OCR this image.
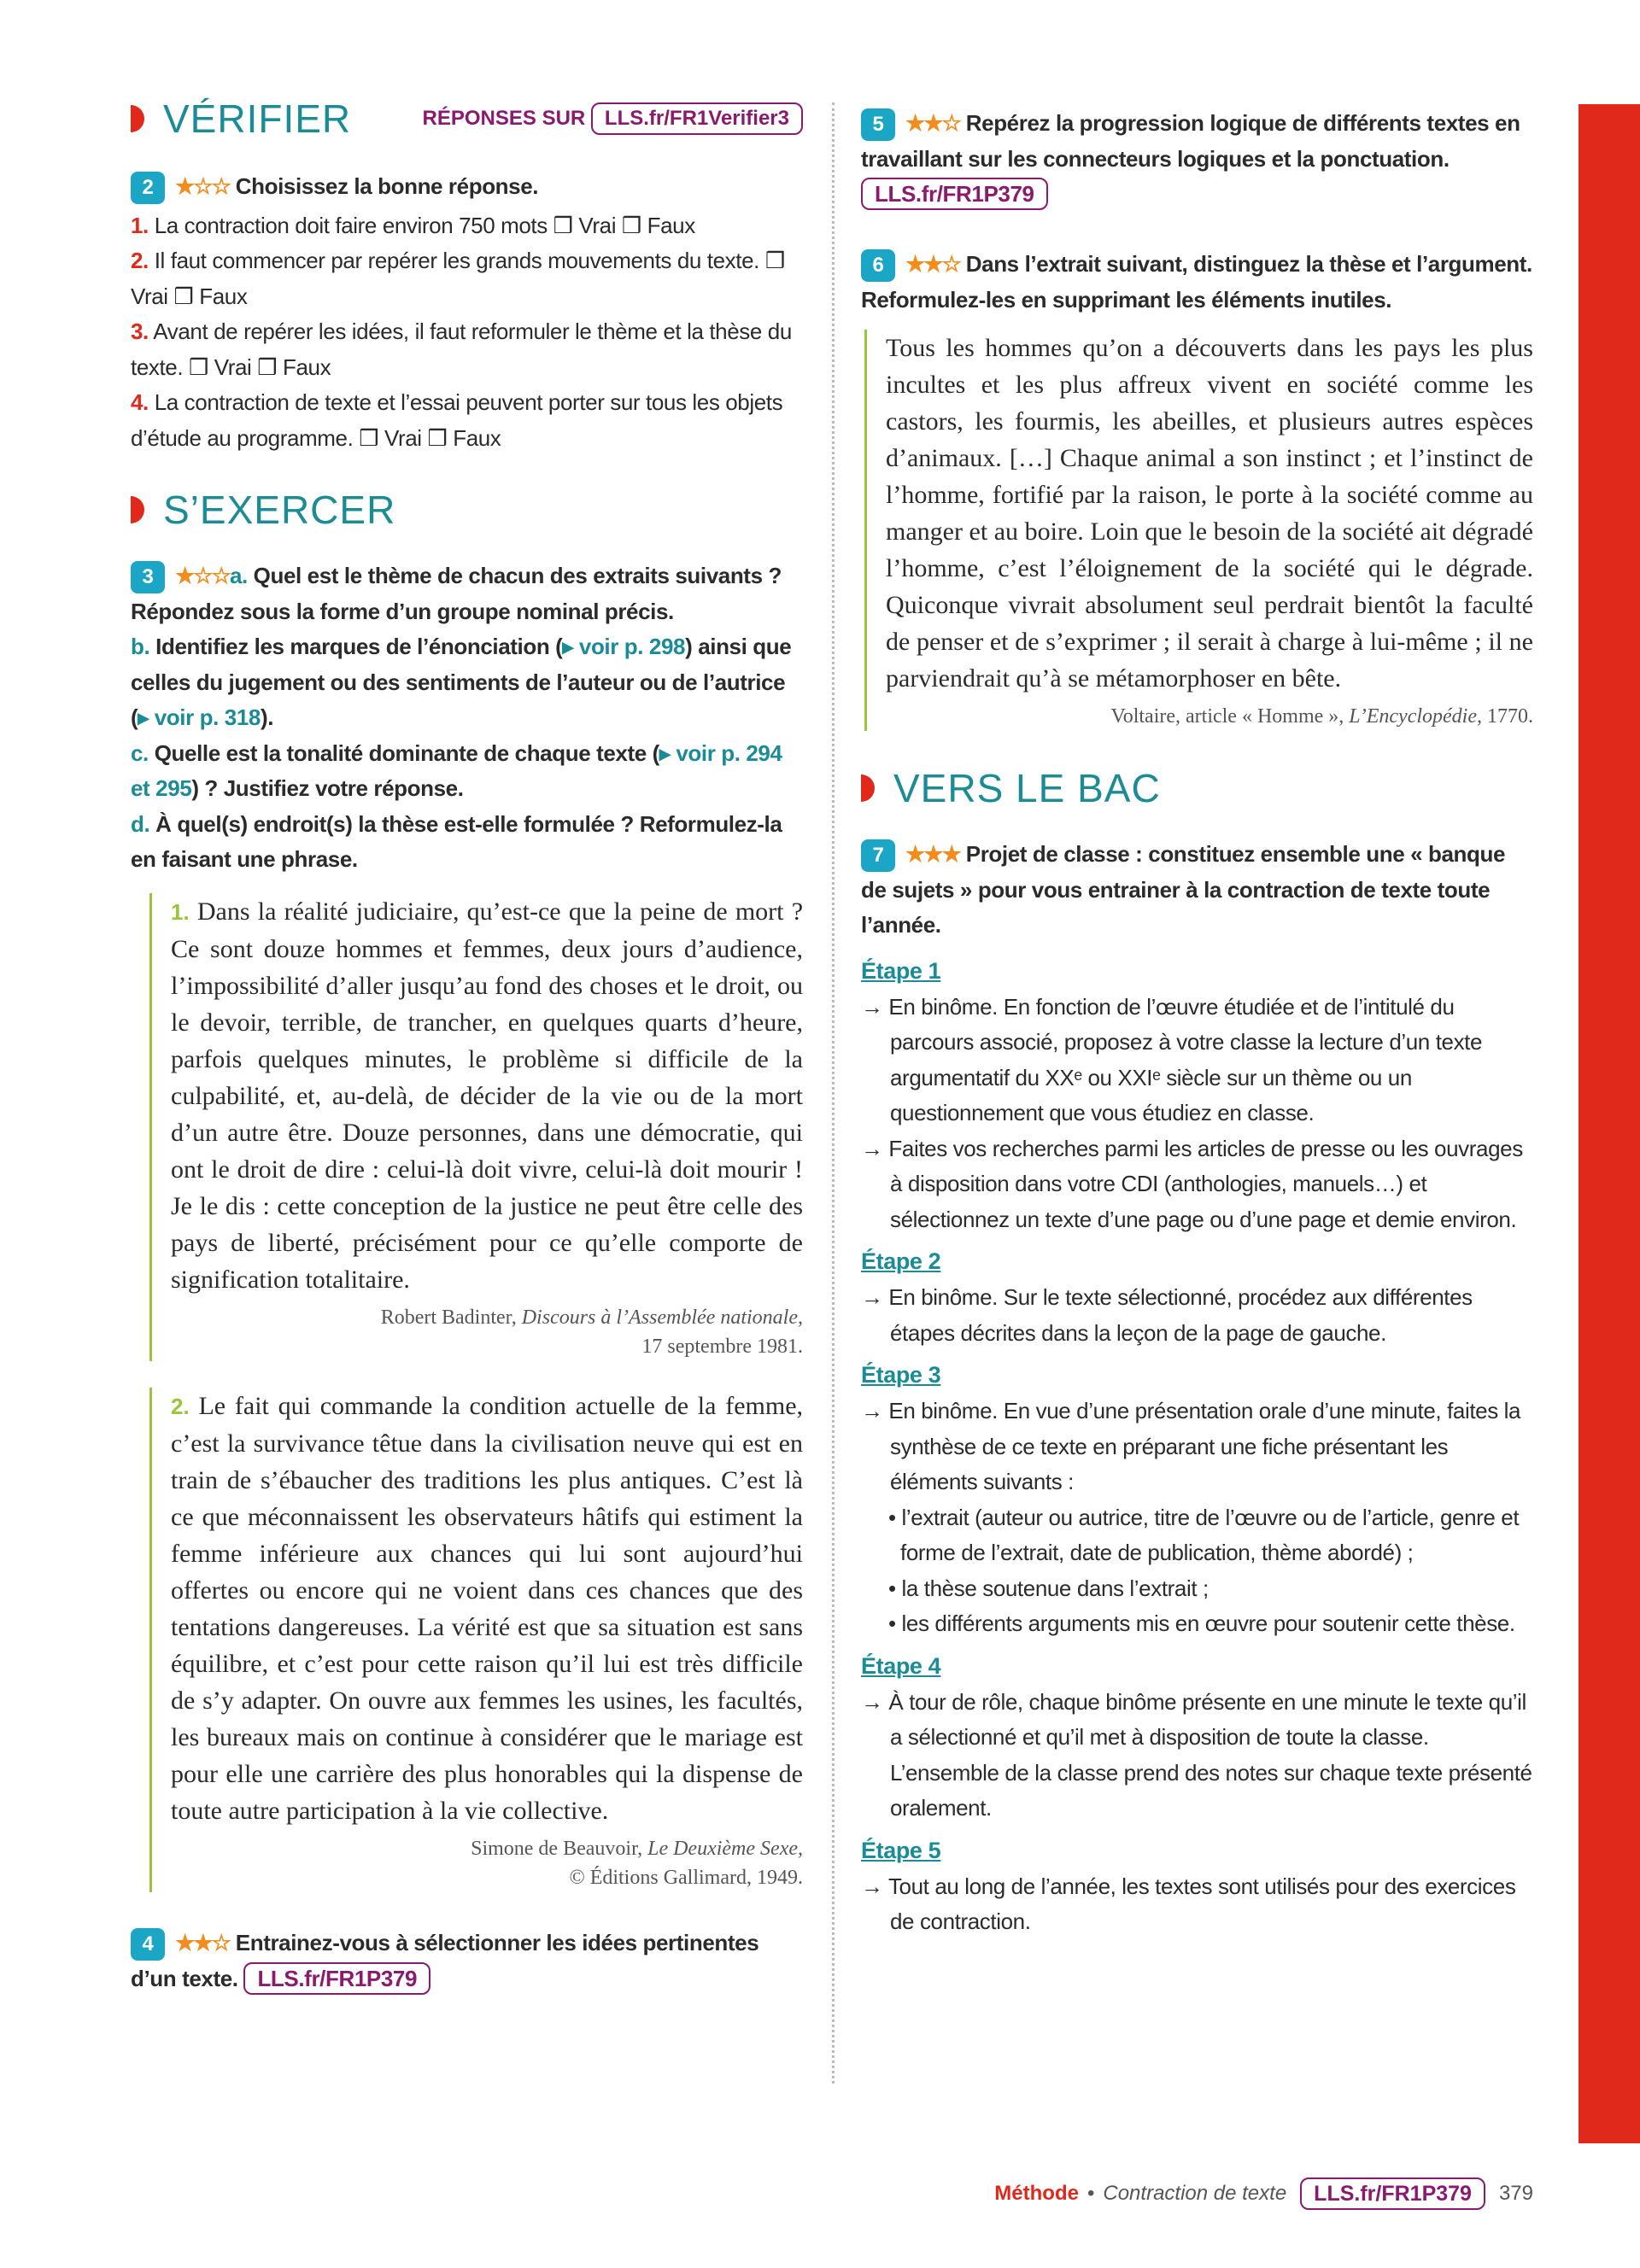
VÉRIFIER	RÉPONSES SUR LLS.fr/FR1Verifier3
2 ★☆☆ Choisissez la bonne réponse.
1. La contraction doit faire environ 750 mots ❒ Vrai ❒ Faux
2. Il faut commencer par repérer les grands mouvements du texte. ❒ Vrai ❒ Faux
3. Avant de repérer les idées, il faut reformuler le thème et la thèse du texte. ❒ Vrai ❒ Faux
4. La contraction de texte et l’essai peuvent porter sur tous les objets d’étude au programme. ❒ Vrai ❒ Faux
S’EXERCER
3 ★☆☆a. Quel est le thème de chacun des extraits suivants ? Répondez sous la forme d’un groupe nominal précis.
b. Identifiez les marques de l’énonciation (▸ voir p. 298) ainsi que celles du jugement ou des sentiments de l’auteur ou de l’autrice (▸ voir p. 318).
c. Quelle est la tonalité dominante de chaque texte (▸ voir p. 294 et 295) ? Justifiez votre réponse.
d. À quel(s) endroit(s) la thèse est-elle formulée ? Reformulez-la en faisant une phrase.
1. Dans la réalité judiciaire, qu’est-ce que la peine de mort ? Ce sont douze hommes et femmes, deux jours d’audience, l’impossibilité d’aller jusqu’au fond des choses et le droit, ou le devoir, terrible, de trancher, en quelques quarts d’heure, parfois quelques minutes, le problème si difficile de la culpabilité, et, au-delà, de décider de la vie ou de la mort d’un autre être. Douze personnes, dans une démocratie, qui ont le droit de dire : celui-là doit vivre, celui-là doit mourir ! Je le dis : cette conception de la justice ne peut être celle des pays de liberté, précisément pour ce qu’elle comporte de signification totalitaire.
Robert Badinter, Discours à l’Assemblée nationale,
17 septembre 1981.
2. Le fait qui commande la condition actuelle de la femme, c’est la survivance têtue dans la civilisation neuve qui est en train de s’ébaucher des traditions les plus antiques. C’est là ce que méconnaissent les observateurs hâtifs qui estiment la femme inférieure aux chances qui lui sont aujourd’hui offertes ou encore qui ne voient dans ces chances que des tentations dangereuses. La vérité est que sa situation est sans équilibre, et c’est pour cette raison qu’il lui est très difficile de s’y adapter. On ouvre aux femmes les usines, les facultés, les bureaux mais on continue à considérer que le mariage est pour elle une carrière des plus honorables qui la dispense de toute autre participation à la vie collective.
Simone de Beauvoir, Le Deuxième Sexe,
© Éditions Gallimard, 1949.
4 ★★☆ Entrainez-vous à sélectionner les idées pertinentes d’un texte. LLS.fr/FR1P379
5 ★★☆ Repérez la progression logique de différents textes en travaillant sur les connecteurs logiques et la ponctuation. LLS.fr/FR1P379
6 ★★☆ Dans l’extrait suivant, distinguez la thèse et l’argument. Reformulez-les en supprimant les éléments inutiles.
Tous les hommes qu’on a découverts dans les pays les plus incultes et les plus affreux vivent en société comme les castors, les fourmis, les abeilles, et plusieurs autres espèces d’animaux. […] Chaque animal a son instinct ; et l’instinct de l’homme, fortifié par la raison, le porte à la société comme au manger et au boire. Loin que le besoin de la société ait dégradé l’homme, c’est l’éloignement de la société qui le dégrade. Quiconque vivrait absolument seul perdrait bientôt la faculté de penser et de s’exprimer ; il serait à charge à lui-même ; il ne parviendrait qu’à se métamorphoser en bête.
Voltaire, article « Homme », L’Encyclopédie, 1770.
VERS LE BAC
7 ★★★ Projet de classe : constituez ensemble une « banque de sujets » pour vous entrainer à la contraction de texte toute l’année.
Étape 1
→ En binôme. En fonction de l’œuvre étudiée et de l’intitulé du parcours associé, proposez à votre classe la lecture d’un texte argumentatif du XXᵉ ou XXIᵉ siècle sur un thème ou un questionnement que vous étudiez en classe.
→ Faites vos recherches parmi les articles de presse ou les ouvrages à disposition dans votre CDI (anthologies, manuels…) et sélectionnez un texte d’une page ou d’une page et demie environ.
Étape 2
→ En binôme. Sur le texte sélectionné, procédez aux différentes étapes décrites dans la leçon de la page de gauche.
Étape 3
→ En binôme. En vue d’une présentation orale d’une minute, faites la synthèse de ce texte en préparant une fiche présentant les éléments suivants :
• l’extrait (auteur ou autrice, titre de l’œuvre ou de l’article, genre et forme de l’extrait, date de publication, thème abordé) ;
• la thèse soutenue dans l’extrait ;
• les différents arguments mis en œuvre pour soutenir cette thèse.
Étape 4
→ À tour de rôle, chaque binôme présente en une minute le texte qu’il a sélectionné et qu’il met à disposition de toute la classe. L’ensemble de la classe prend des notes sur chaque texte présenté oralement.
Étape 5
→ Tout au long de l’année, les textes sont utilisés pour des exercices de contraction.
Méthode • Contraction de texte	LLS.fr/FR1P379	379
